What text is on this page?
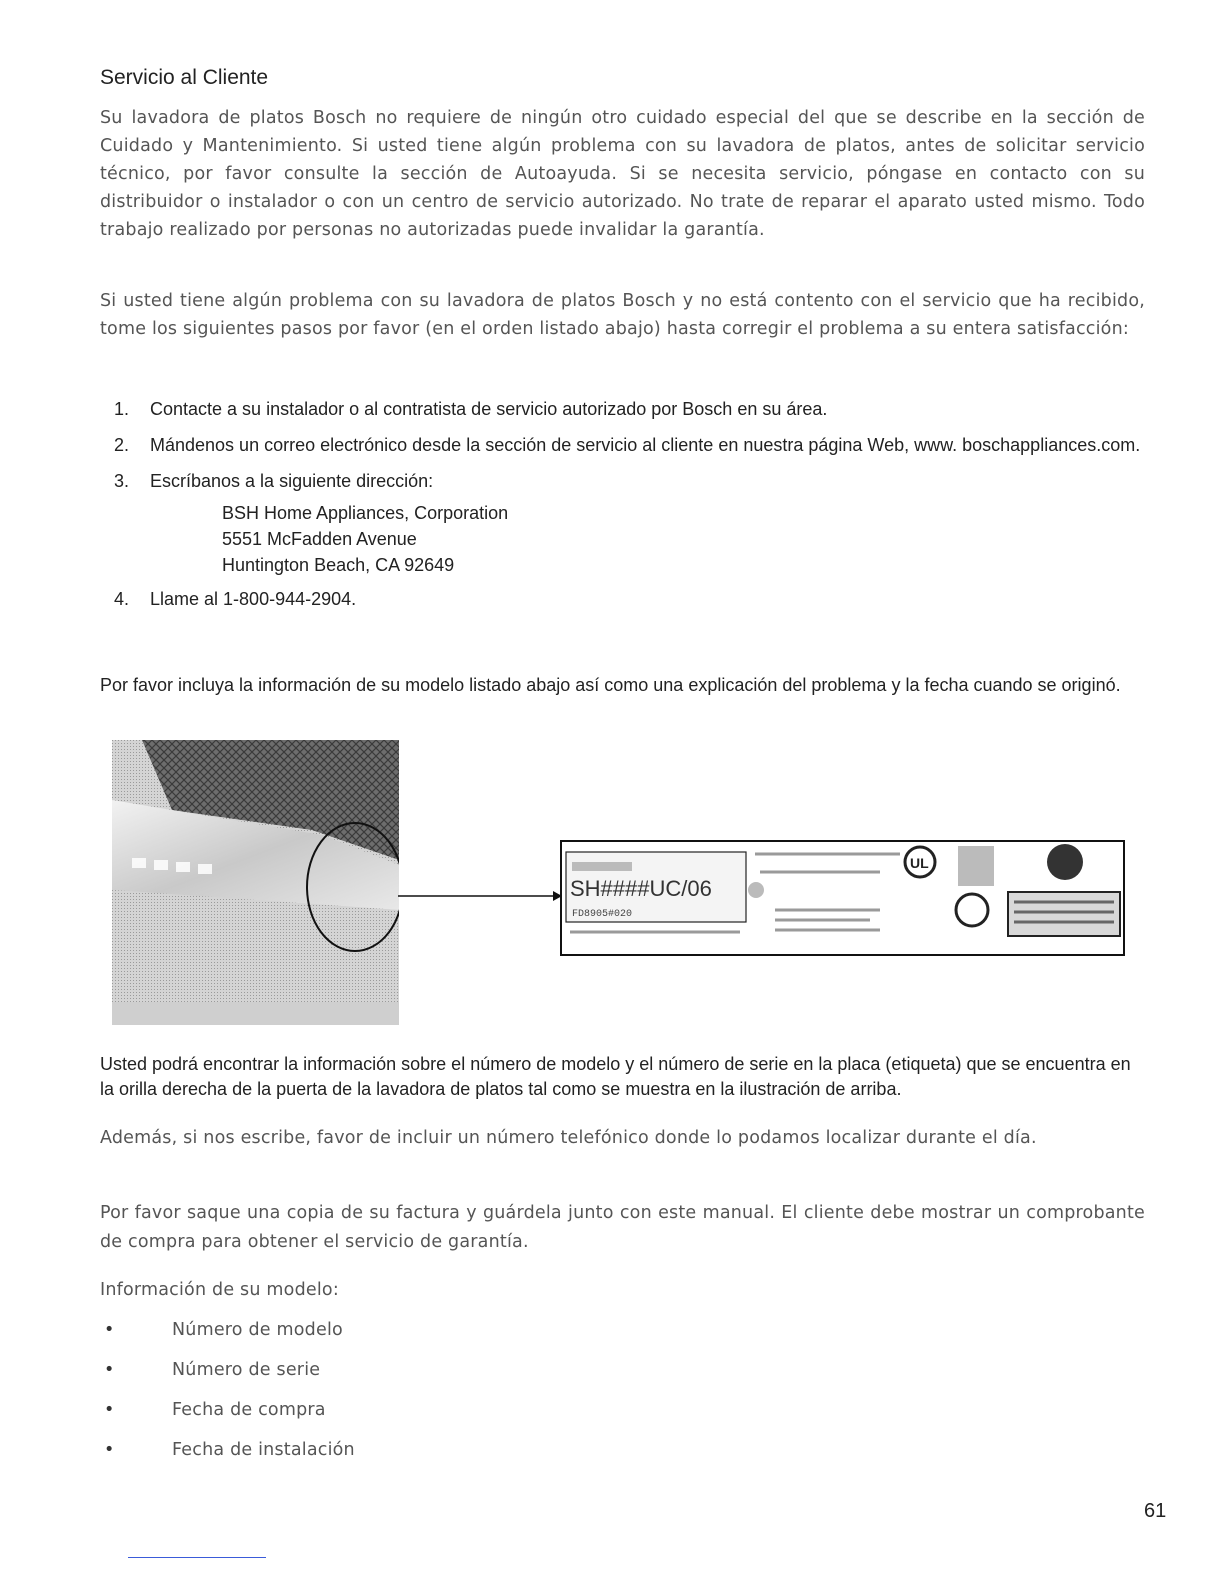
Servicio al Cliente

Su lavadora de platos Bosch no requiere de ningún otro cuidado especial del que se describe en la sección de Cuidado y Mantenimiento. Si usted tiene algún problema con su lavadora de platos, antes de solicitar servicio técnico, por favor consulte la sección de Autoayuda. Si se necesita servicio, póngase en contacto con su distribuidor o instalador o con un centro de servicio autorizado. No trate de reparar el aparato usted mismo. Todo trabajo realizado por personas no autorizadas puede invalidar la garantía.

Si usted tiene algún problema con su lavadora de platos Bosch y no está contento con el servicio que ha recibido, tome los siguientes pasos por favor (en el orden listado abajo) hasta corregir el problema a su entera satisfacción:

1. Contacte a su instalador o al contratista de servicio autorizado por Bosch en su área.
2. Mándenos un correo electrónico desde la sección de servicio al cliente en nuestra página Web, www. boschappliances.com.
3. Escríbanos a la siguiente dirección:
BSH Home Appliances, Corporation
5551 McFadden Avenue
Huntington Beach, CA 92649
4. Llame al 1-800-944-2904.

Por favor incluya la información de su modelo listado abajo así como una explicación del problema y la fecha cuando se originó.

SH####UC/06
FD8905#020
UL

Usted podrá encontrar la información sobre el número de modelo y el número de serie en la placa (etiqueta) que se encuentra en la orilla derecha de la puerta de la lavadora de platos tal como se muestra en la ilustración de arriba.

Además, si nos escribe, favor de incluir un número telefónico donde lo podamos localizar durante el día.

Por favor saque una copia de su factura y guárdela junto con este manual. El cliente debe mostrar un comprobante de compra para obtener el servicio de garantía.

Información de su modelo:

•	Número de modelo
•	Número de serie
•	Fecha de compra
•	Fecha de instalación
61
